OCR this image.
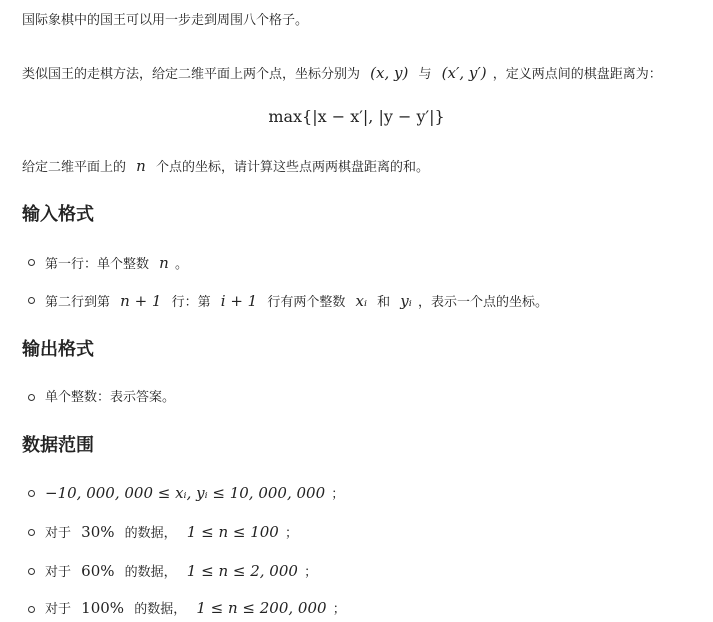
国际象棋中的国王可以用一步走到周围八个格子。
类似国王的走棋方法，给定二维平面上两个点，坐标分别为 (x, y) 与 (x′, y′) ，定义两点间的棋盘距离为：
max{|x − x′|, |y − y′|}
给定二维平面上的 n 个点的坐标，请计算这些点两两棋盘距离的和。
输入格式
第一行：单个整数 n 。
第二行到第 n + 1 行：第 i + 1 行有两个整数 xᵢ 和 yᵢ ，表示一个点的坐标。
输出格式
单个整数：表示答案。
数据范围
−10, 000, 000 ≤ xᵢ, yᵢ ≤ 10, 000, 000 ；
对于 30% 的数据， 1 ≤ n ≤ 100 ；
对于 60% 的数据， 1 ≤ n ≤ 2, 000 ；
对于 100% 的数据， 1 ≤ n ≤ 200, 000 ；
